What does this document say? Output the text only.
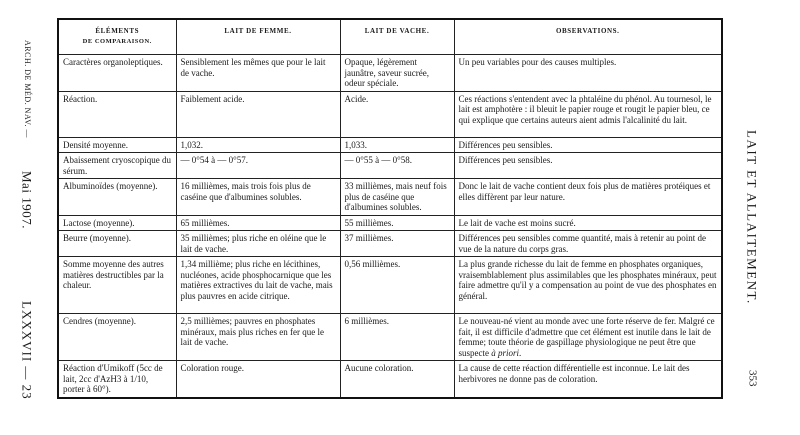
ARCH. DE MÉD. NAV. —
Mai 1907.
LXXXVII — 23
LAIT ET ALLAITEMENT.
353
ÉLÉMENTS
DE COMPARAISON.	LAIT DE FEMME.	LAIT DE VACHE.	OBSERVATIONS.
Caractères organoleptiques.	Sensiblement les mêmes que pour le lait de vache.	Opaque, légèrement jaunâtre, saveur sucrée, odeur spéciale.	Un peu variables pour des causes multiples.
Réaction.	Faiblement acide.	Acide.	Ces réactions s'entendent avec la phtaléine du phénol. Au tournesol, le lait est amphotère : il bleuit le papier rouge et rougit le papier bleu, ce qui explique que certains auteurs aient admis l'alcalinité du lait.
Densité moyenne.	1,032.	1,033.	Différences peu sensibles.
Abaissement cryoscopique du sérum.	— 0°54 à — 0°57.	— 0°55 à — 0°58.	Différences peu sensibles.
Albuminoïdes (moyenne).	16 millièmes, mais trois fois plus de caséine que d'albumines solubles.	33 millièmes, mais neuf fois plus de caséine que d'albumines solubles.	Donc le lait de vache contient deux fois plus de matières protéiques et elles diffèrent par leur nature.
Lactose (moyenne).	65 millièmes.	55 millièmes.	Le lait de vache est moins sucré.
Beurre (moyenne).	35 millièmes; plus riche en oléine que le lait de vache.	37 millièmes.	Différences peu sensibles comme quantité, mais à retenir au point de vue de la nature du corps gras.
Somme moyenne des autres matières destructibles par la chaleur.	1,34 millième; plus riche en lécithines, nucléones, acide phosphocarnique que les matières extractives du lait de vache, mais plus pauvres en acide citrique.	0,56 millièmes.	La plus grande richesse du lait de femme en phosphates organiques, vraisemblablement plus assimilables que les phosphates minéraux, peut faire admettre qu'il y a compensation au point de vue des phosphates en général.
Cendres (moyenne).	2,5 millièmes; pauvres en phosphates minéraux, mais plus riches en fer que le lait de vache.	6 millièmes.	Le nouveau-né vient au monde avec une forte réserve de fer. Malgré ce fait, il est difficile d'admettre que cet élément est inutile dans le lait de femme; toute théorie de gaspillage physiologique ne peut être que suspecte à priori.
Réaction d'Umikoff (5cc de lait, 2cc d'AzH3 à 1/10, porter à 60°).	Coloration rouge.	Aucune coloration.	La cause de cette réaction différentielle est inconnue. Le lait des herbivores ne donne pas de coloration.
